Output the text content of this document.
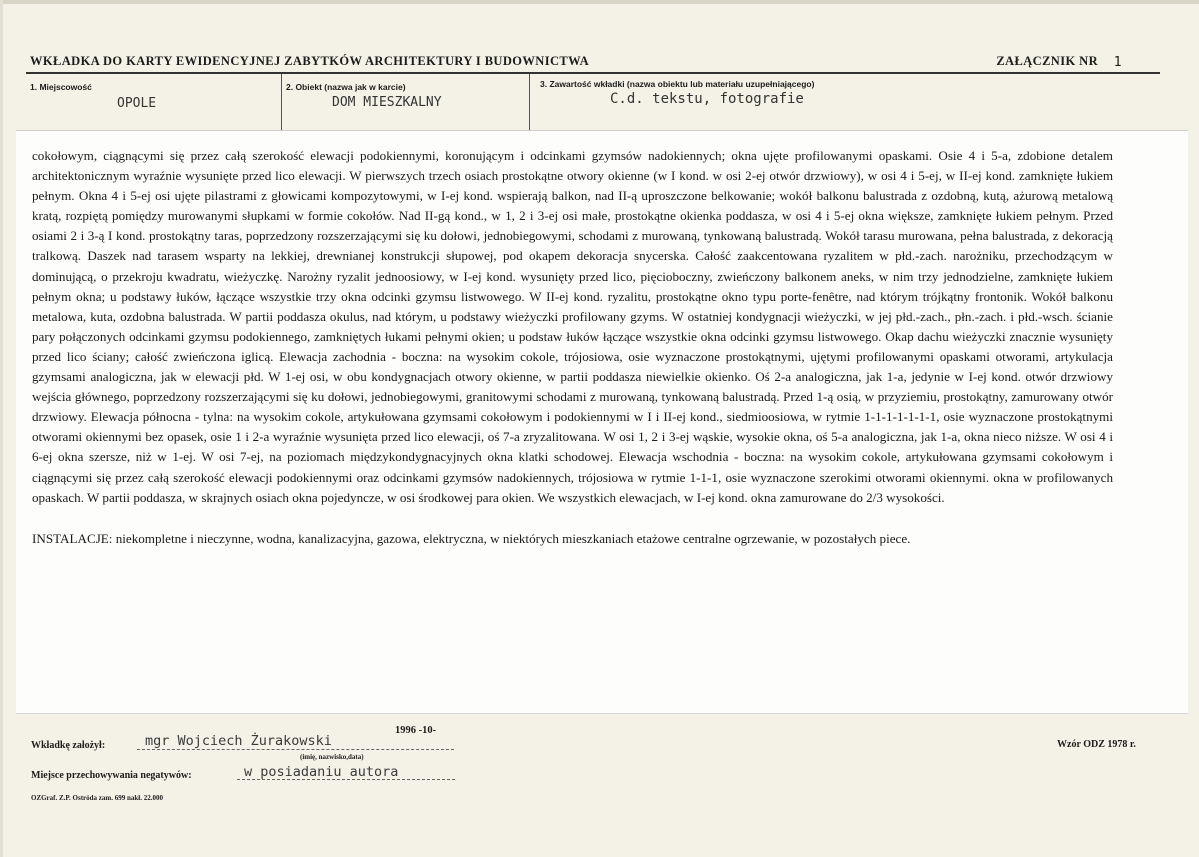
WKŁADKA DO KARTY EWIDENCYJNEJ ZABYTKÓW ARCHITEKTURY I BUDOWNICTWA	ZAŁĄCZNIK NR 1
1. Miejscowość
OPOLE
2. Obiekt (nazwa jak w karcie)
DOM MIESZKALNY
3. Zawartość wkładki (nazwa obiektu lub materiału uzupełniającego)
C.d. tekstu, fotografie

cokołowym, ciągnącymi się przez całą szerokość elewacji podokiennymi, koronującym i odcinkami gzymsów nadokiennych; okna ujęte profilowanymi opaskami. Osie 4 i 5-a, zdobione detalem architektonicznym wyraźnie wysunięte przed lico elewacji. W pierwszych trzech osiach prostokątne otwory okienne (w I kond. w osi 2-ej otwór drzwiowy), w osi 4 i 5-ej, w II-ej kond. zamknięte łukiem pełnym. Okna 4 i 5-ej osi ujęte pilastrami z głowicami kompozytowymi, w I-ej kond. wspierają balkon, nad II-ą uproszczone belkowanie; wokół balkonu balustrada z ozdobną, kutą, ażurową metalową kratą, rozpiętą pomiędzy murowanymi słupkami w formie cokołów. Nad II-gą kond., w 1, 2 i 3-ej osi małe, prostokątne okienka poddasza, w osi 4 i 5-ej okna większe, zamknięte łukiem pełnym. Przed osiami 2 i 3-ą I kond. prostokątny taras, poprzedzony rozszerzającymi się ku dołowi, jednobiegowymi, schodami z murowaną, tynkowaną balustradą. Wokół tarasu murowana, pełna balustrada, z dekoracją tralkową. Daszek nad tarasem wsparty na lekkiej, drewnianej konstrukcji słupowej, pod okapem dekoracja snycerska. Całość zaakcentowana ryzalitem w płd.-zach. narożniku, przechodzącym w dominującą, o przekroju kwadratu, wieżyczkę. Narożny ryzalit jednoosiowy, w I-ej kond. wysunięty przed lico, pięcioboczny, zwieńczony balkonem aneks, w nim trzy jednodzielne, zamknięte łukiem pełnym okna; u podstawy łuków, łączące wszystkie trzy okna odcinki gzymsu listwowego. W II-ej kond. ryzalitu, prostokątne okno typu porte-fenêtre, nad którym trójkątny frontonik. Wokół balkonu metalowa, kuta, ozdobna balustrada. W partii poddasza okulus, nad którym, u podstawy wieżyczki profilowany gzyms. W ostatniej kondygnacji wieżyczki, w jej płd.-zach., płn.-zach. i płd.-wsch. ścianie pary połączonych odcinkami gzymsu podokiennego, zamkniętych łukami pełnymi okien; u podstaw łuków łączące wszystkie okna odcinki gzymsu listwowego. Okap dachu wieżyczki znacznie wysunięty przed lico ściany; całość zwieńczona iglicą. Elewacja zachodnia - boczna: na wysokim cokole, trójosiowa, osie wyznaczone prostokątnymi, ujętymi profilowanymi opaskami otworami, artykulacja gzymsami analogiczna, jak w elewacji płd. W 1-ej osi, w obu kondygnacjach otwory okienne, w partii poddasza niewielkie okienko. Oś 2-a analogiczna, jak 1-a, jedynie w I-ej kond. otwór drzwiowy wejścia głównego, poprzedzony rozszerzającymi się ku dołowi, jednobiegowymi, granitowymi schodami z murowaną, tynkowaną balustradą. Przed 1-ą osią, w przyziemiu, prostokątny, zamurowany otwór drzwiowy. Elewacja północna - tylna: na wysokim cokole, artykułowana gzymsami cokołowym i podokiennymi w I i II-ej kond., siedmioosiowa, w rytmie 1-1-1-1-1-1-1, osie wyznaczone prostokątnymi otworami okiennymi bez opasek, osie 1 i 2-a wyraźnie wysunięta przed lico elewacji, oś 7-a zryzalitowana. W osi 1, 2 i 3-ej wąskie, wysokie okna, oś 5-a analogiczna, jak 1-a, okna nieco niższe. W osi 4 i 6-ej okna szersze, niż w 1-ej. W osi 7-ej, na poziomach międzykondygnacyjnych okna klatki schodowej. Elewacja wschodnia - boczna: na wysokim cokole, artykułowana gzymsami cokołowym i ciągnącymi się przez całą szerokość elewacji podokiennymi oraz odcinkami gzymsów nadokiennych, trójosiowa w rytmie 1-1-1, osie wyznaczone szerokimi otworami okiennymi. okna w profilowanych opaskach. W partii poddasza, w skrajnych osiach okna pojedyncze, w osi środkowej para okien. We wszystkich elewacjach, w I-ej kond. okna zamurowane do 2/3 wysokości.

INSTALACJE: niekompletne i nieczynne, wodna, kanalizacyjna, gazowa, elektryczna, w niektórych mieszkaniach etażowe centralne ogrzewanie, w pozostałych piece.

Wkładkę założył:	mgr Wojciech Żurakowski
1996 -10-
(imię, nazwisko,data)
Miejsce przechowywania negatywów:	w posiadaniu autora
OZGraf. Z.P. Ostróda zam. 699 nakł. 22.000
Wzór ODZ 1978 r.
